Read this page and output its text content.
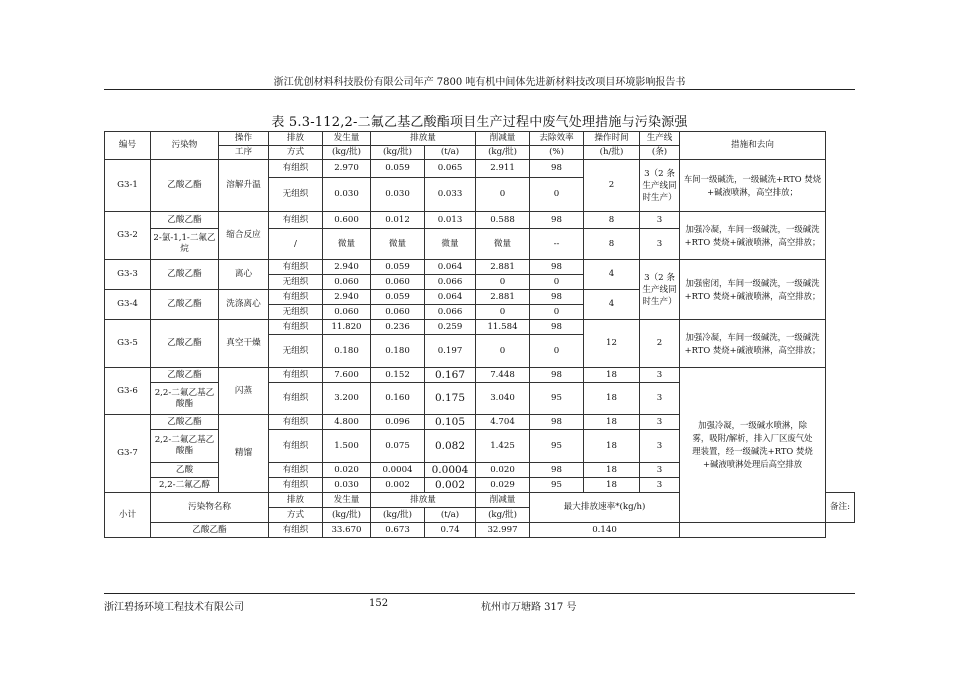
浙江优创材料科技股份有限公司年产 7800 吨有机中间体先进新材料技改项目环境影响报告书
表 5.3-112,2-二氟乙基乙酸酯项目生产过程中废气处理措施与污染源强
编号	污染物	操作	排放	发生量	排放量		削减量	去除效率	操作时间	生产线	措施和去向	
		工序	方式	(kg/批)	(kg/批)	(t/a)	(kg/批)	(%)	(h/批)	(条)		
G3-1	乙酸乙酯	溶解升温	有组织	2.970	0.059	0.065	2.911	98	2	3（2 条生产线同时生产）	车间一级碱洗，一级碱洗+RTO 焚烧+碱液喷淋，高空排放；	
			无组织	0.030	0.030	0.033	0	0				
G3-2	乙酸乙酯	缩合反应	有组织	0.600	0.012	0.013	0.588	98	8	3	加强冷凝，车间一级碱洗，一级碱洗+RTO 焚烧+碱液喷淋，高空排放；	
	2-氯-1,1-二氟乙烷		/	微量	微量	微量	微量	--	8	3		
G3-3	乙酸乙酯	离心	有组织	2.940	0.059	0.064	2.881	98	4	3（2 条生产线同时生产）	加强密闭，车间一级碱洗，一级碱洗+RTO 焚烧+碱液喷淋，高空排放；	
			无组织	0.060	0.060	0.066	0	0				
G3-4	乙酸乙酯	洗涤离心	有组织	2.940	0.059	0.064	2.881	98	4			
			无组织	0.060	0.060	0.066	0	0				
G3-5	乙酸乙酯	真空干燥	有组织	11.820	0.236	0.259	11.584	98	12	2	加强冷凝，车间一级碱洗，一级碱洗+RTO 焚烧+碱液喷淋，高空排放；	
			无组织	0.180	0.180	0.197	0	0				
G3-6	乙酸乙酯	闪蒸	有组织	7.600	0.152	0.167	7.448	98	18	3	加强冷凝，一级碱水喷淋，除雾，吸附/解析，排入厂区废气处理装置，经一级碱洗+RTO 焚烧+碱液喷淋处理后高空排放	
	2,2-二氟乙基乙酸酯		有组织	3.200	0.160	0.175	3.040	95	18	3		
G3-7	乙酸乙酯	精馏	有组织	4.800	0.096	0.105	4.704	98	18	3		
	2,2-二氟乙基乙酸酯		有组织	1.500	0.075	0.082	1.425	95	18	3		
	乙酸		有组织	0.020	0.0004	0.0004	0.020	98	18	3		
	2,2-二氟乙醇		有组织	0.030	0.002	0.002	0.029	95	18	3		
小计	污染物名称		排放	发生量	排放量		削减量	最大排放速率*(kg/h)				备注:
			方式	(kg/批)	(kg/批)	(t/a)	(kg/批)					
	乙酸乙酯		有组织	33.670	0.673	0.74	32.997	0.140				
浙江碧扬环境工程技术有限公司	152	杭州市万塘路 317 号
